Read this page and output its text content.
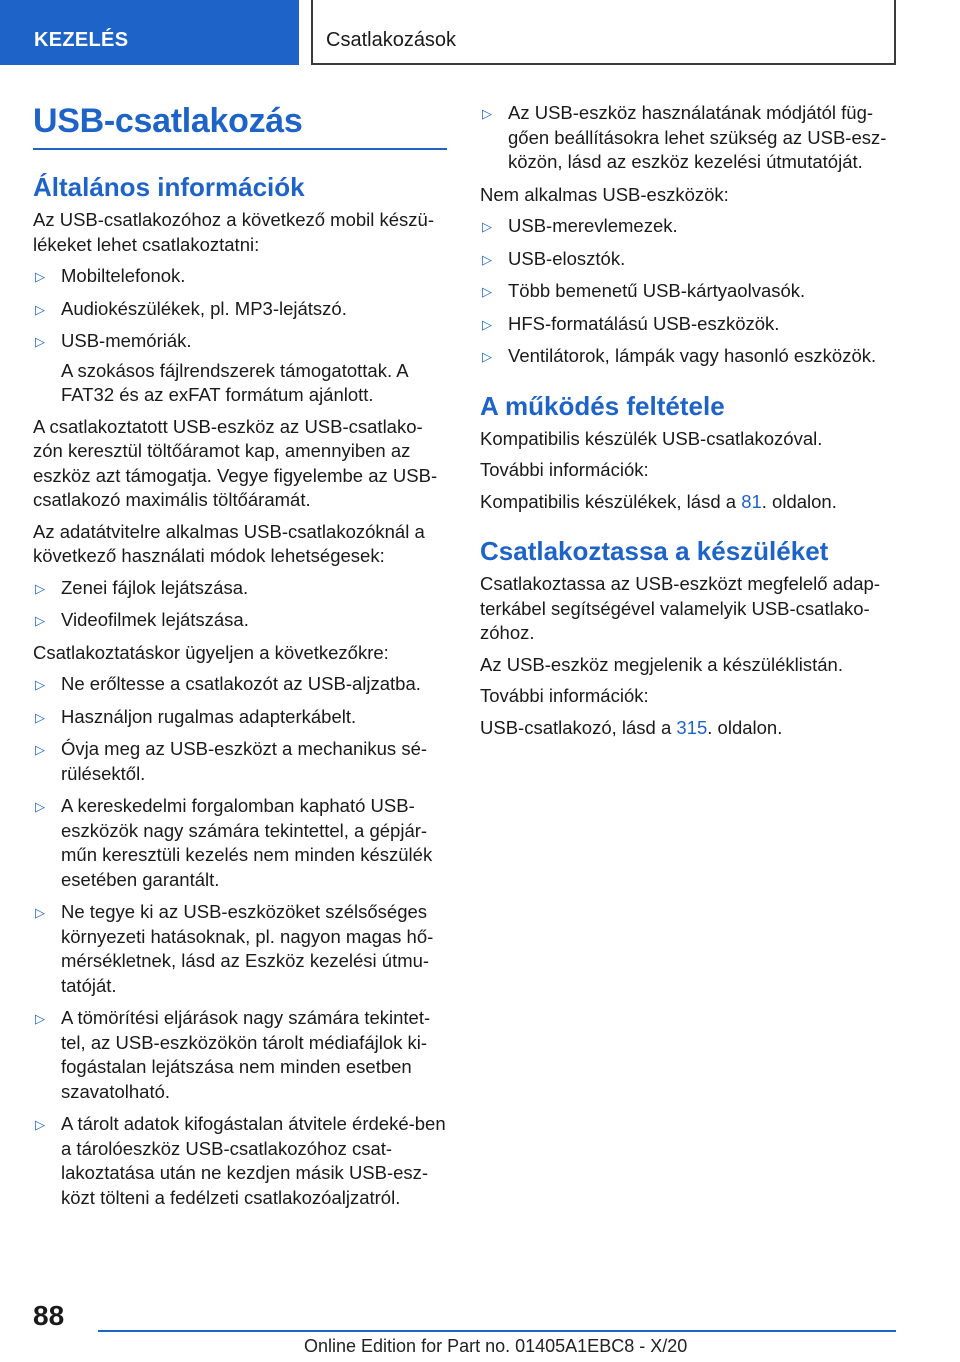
KEZELÉS	Csatlakozások
USB-csatlakozás
Általános információk
Az USB-csatlakozóhoz a következő mobil készü-lékeket lehet csatlakoztatni:
▷ Mobiltelefonok.
▷ Audiokészülékek, pl. MP3-lejátszó.
▷ USB-memóriák.
A szokásos fájlrendszerek támogatottak. A FAT32 és az exFAT formátum ajánlott.
A csatlakoztatott USB-eszköz az USB-csatlako-zón keresztül töltőáramot kap, amennyiben az eszköz azt támogatja. Vegye figyelembe az USB-csatlakozó maximális töltőáramát.
Az adatátvitelre alkalmas USB-csatlakozóknál a következő használati módok lehetségesek:
▷ Zenei fájlok lejátszása.
▷ Videofilmek lejátszása.
Csatlakoztatáskor ügyeljen a következőkre:
▷ Ne erőltesse a csatlakozót az USB-aljzatba.
▷ Használjon rugalmas adapterkábelt.
▷ Óvja meg az USB-eszközt a mechanikus sé-rülésektől.
▷ A kereskedelmi forgalomban kapható USB-eszközök nagy számára tekintettel, a gépjár-műn keresztüli kezelés nem minden készülék esetében garantált.
▷ Ne tegye ki az USB-eszközöket szélsőséges környezeti hatásoknak, pl. nagyon magas hő-mérsékletnek, lásd az Eszköz kezelési útmu-tatóját.
▷ A tömörítési eljárások nagy számára tekintet-tel, az USB-eszközökön tárolt médiafájlok ki-fogástalan lejátszása nem minden esetben szavatolható.
▷ A tárolt adatok kifogástalan átvitele érdeké-ben a tárolóeszköz USB-csatlakozóhoz csat-lakoztatása után ne kezdjen másik USB-esz-közt tölteni a fedélzeti csatlakozóaljzatról.
▷ Az USB-eszköz használatának módjától füg-gően beállításokra lehet szükség az USB-esz-közön, lásd az eszköz kezelési útmutatóját.
Nem alkalmas USB-eszközök:
▷ USB-merevlemezek.
▷ USB-elosztók.
▷ Több bemenetű USB-kártyaolvasók.
▷ HFS-formatálású USB-eszközök.
▷ Ventilátorok, lámpák vagy hasonló eszközök.
A működés feltétele
Kompatibilis készülék USB-csatlakozóval.
További információk:
Kompatibilis készülékek, lásd a 81. oldalon.
Csatlakoztassa a készüléket
Csatlakoztassa az USB-eszközt megfelelő adap-terkábel segítségével valamelyik USB-csatlako-zóhoz.
Az USB-eszköz megjelenik a készüléklistán.
További információk:
USB-csatlakozó, lásd a 315. oldalon.
88
Online Edition for Part no. 01405A1EBC8 - X/20
